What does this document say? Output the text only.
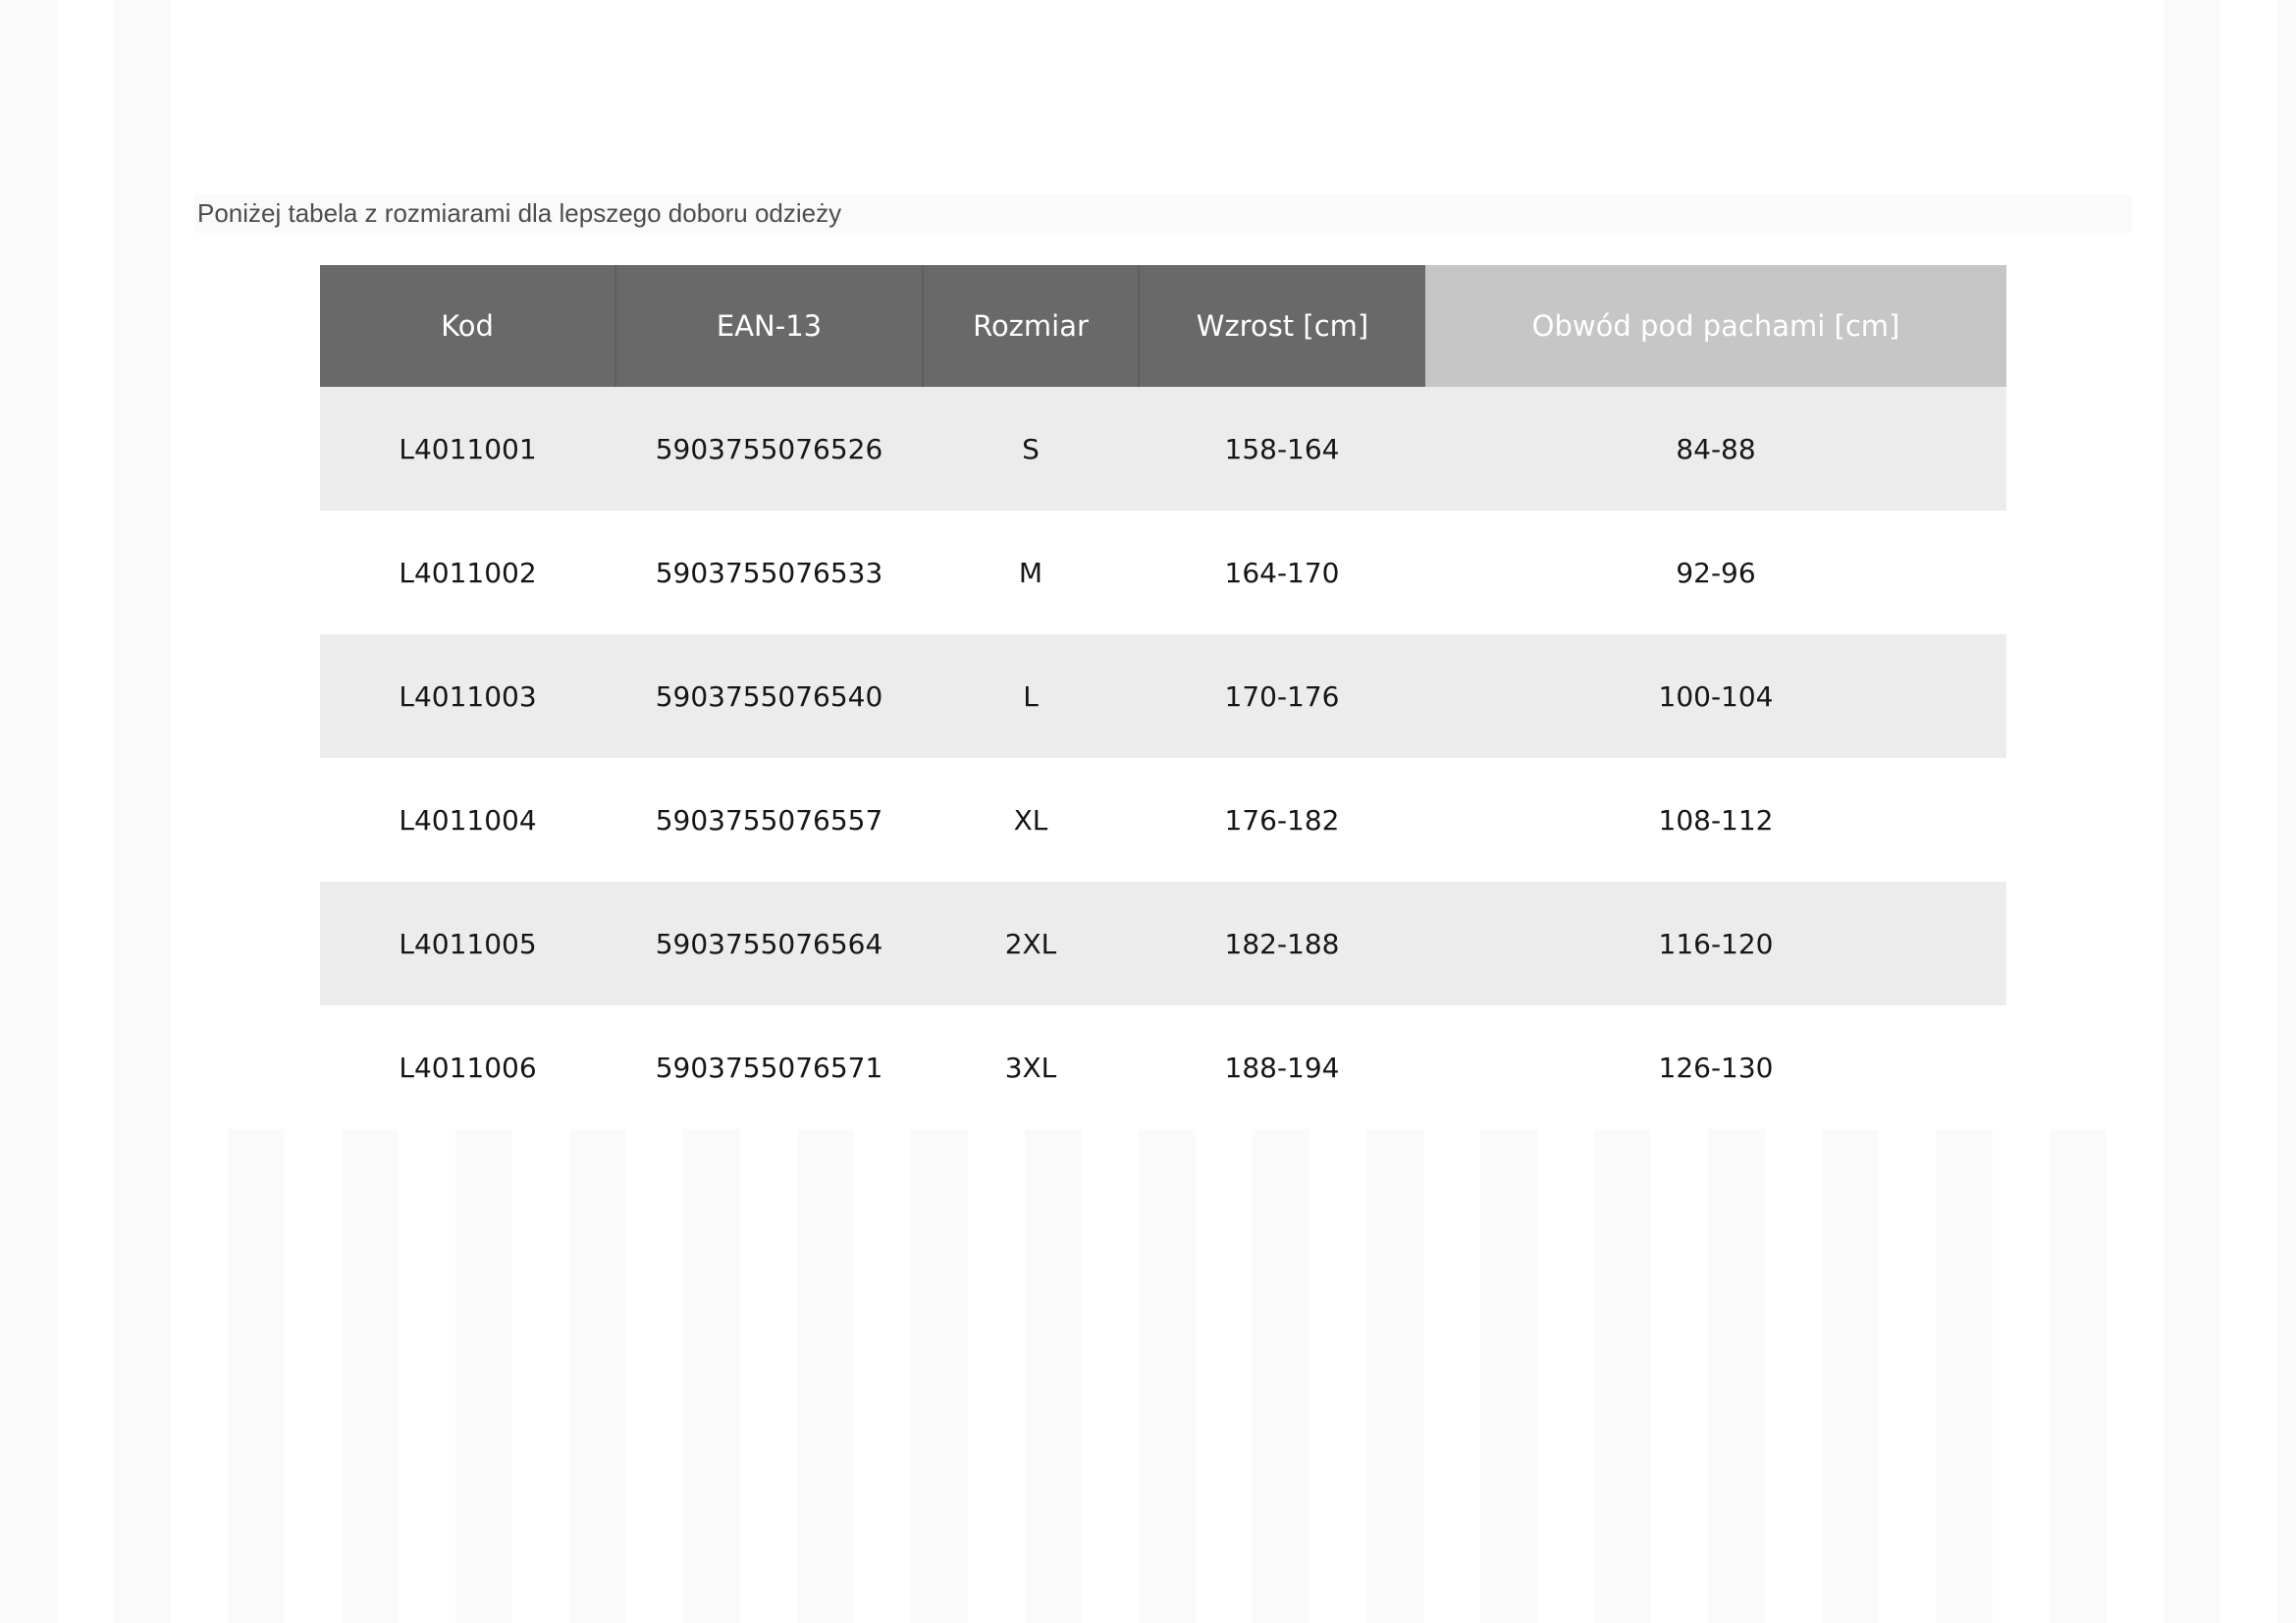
Poniżej tabela z rozmiarami dla lepszego doboru odzieży
Kod	EAN-13	Rozmiar	Wzrost [cm]	Obwód pod pachami [cm]
L4011001	5903755076526	S	158-164	84-88
L4011002	5903755076533	M	164-170	92-96
L4011003	5903755076540	L	170-176	100-104
L4011004	5903755076557	XL	176-182	108-112
L4011005	5903755076564	2XL	182-188	116-120
L4011006	5903755076571	3XL	188-194	126-130
